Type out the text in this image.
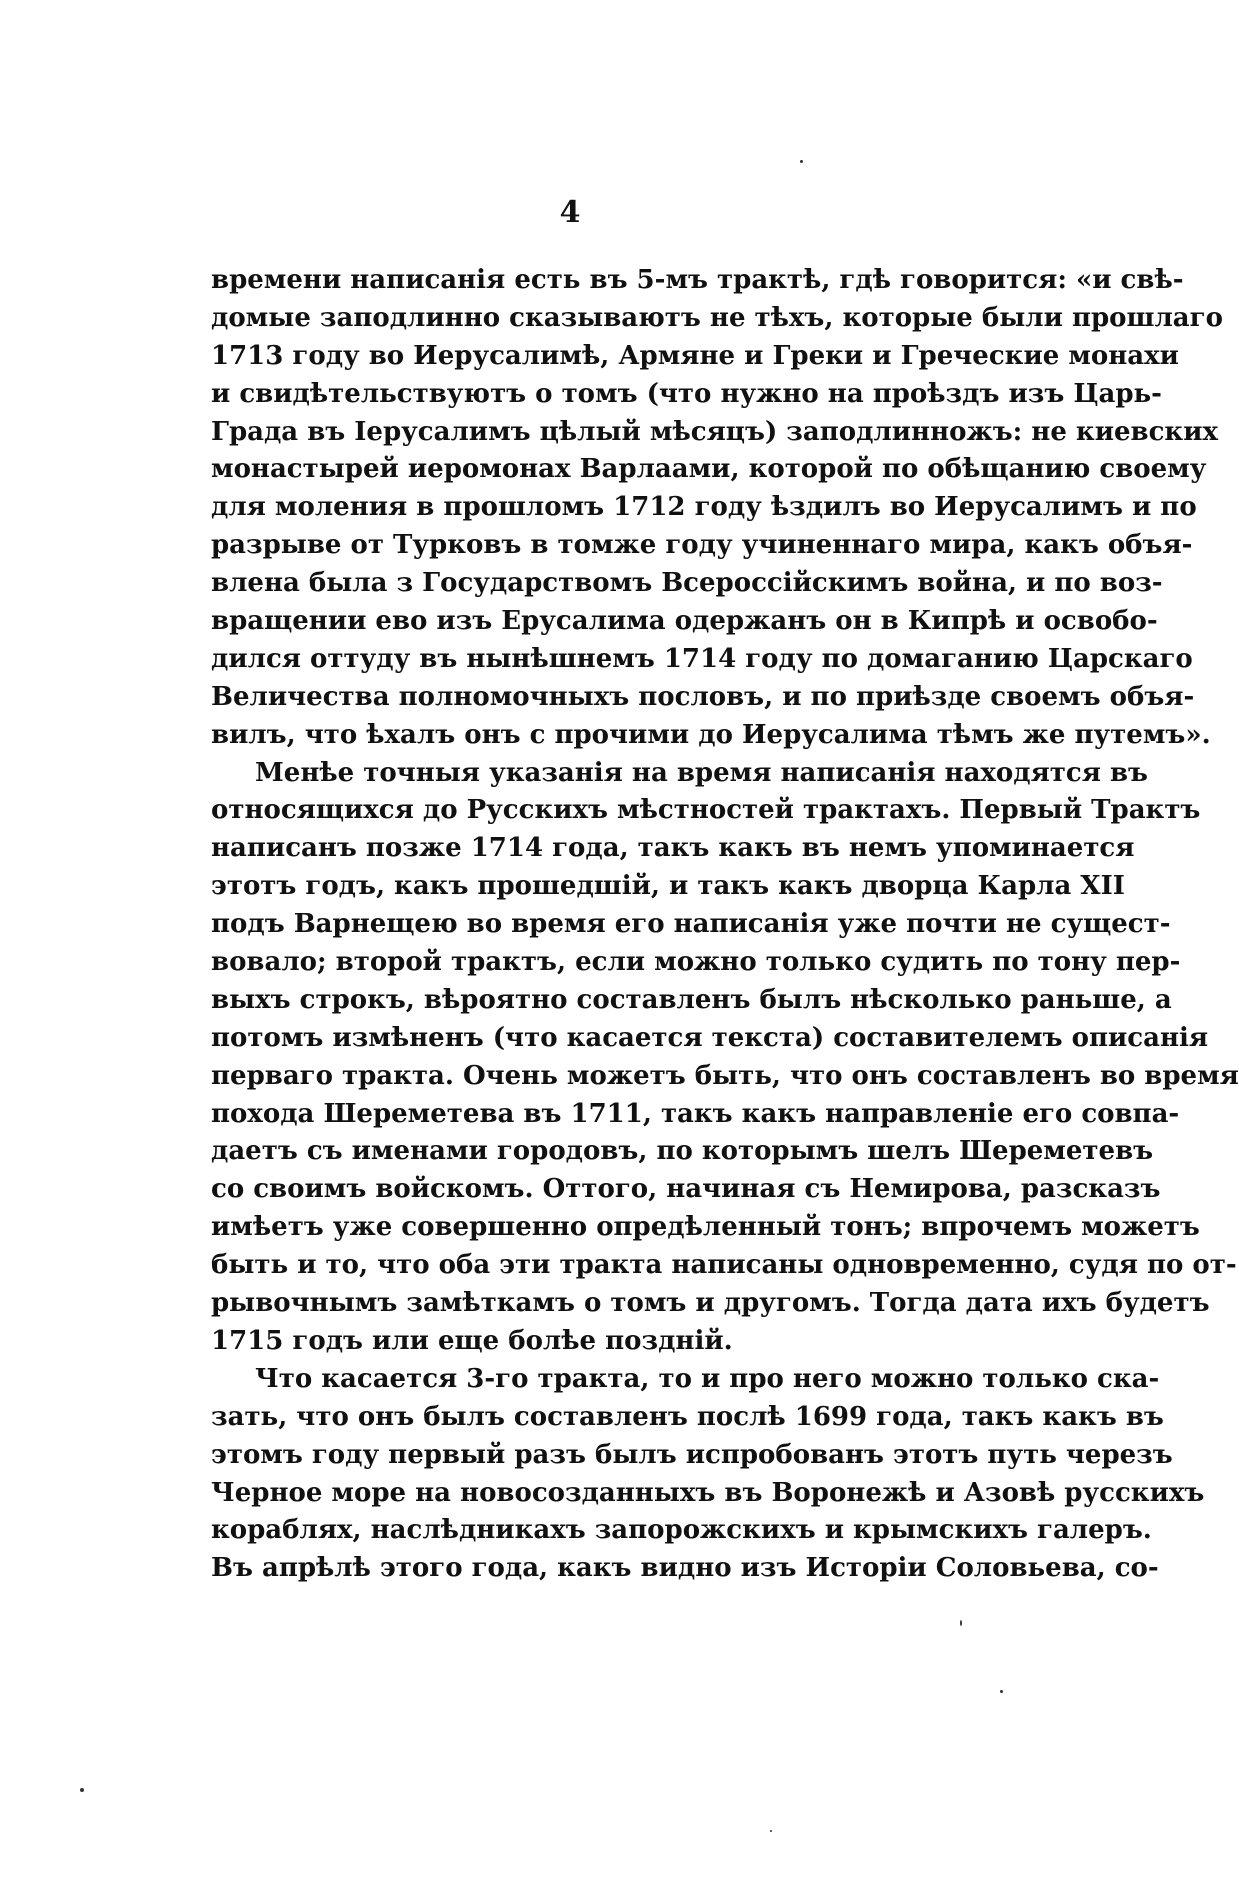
4
времени написанія есть въ 5-мъ трактѣ, гдѣ говорится: «и свѣ-
домые заподлинно сказываютъ не тѣхъ, которые были прошлаго
1713 году во Иерусалимѣ, Армяне и Греки и Греческие монахи
и свидѣтельствуютъ о томъ (что нужно на проѣздъ изъ Царь-
Града въ Іерусалимъ цѣлый мѣсяцъ) заподлинножъ: не киевских
монастырей иеромонах Варлаами, которой по обѣщанию своему
для моления в прошломъ 1712 году ѣздилъ во Иерусалимъ и по
разрыве от Турковъ в томже году учиненнаго мира, какъ объя-
влена была з Государствомъ Всероссійскимъ война, и по воз-
вращении ево изъ Ерусалима одержанъ он в Кипрѣ и освобо-
дился оттуду въ нынѣшнемъ 1714 году по домаганию Царскаго
Величества полномочныхъ пословъ, и по приѣзде своемъ объя-
вилъ, что ѣхалъ онъ с прочими до Иерусалима тѣмъ же путемъ».
Менѣе точныя указанія на время написанія находятся въ
относящихся до Русскихъ мѣстностей трактахъ. Первый Трактъ
написанъ позже 1714 года, такъ какъ въ немъ упоминается
этотъ годъ, какъ прошедшій, и такъ какъ дворца Карла XII
подъ Варнещею во время его написанія уже почти не сущест-
вовало; второй трактъ, если можно только судить по тону пер-
выхъ строкъ, вѣроятно составленъ былъ нѣсколько раньше, а
потомъ измѣненъ (что касается текста) составителемъ описанія
перваго тракта. Очень можетъ быть, что онъ составленъ во время
похода Шереметева въ 1711, такъ какъ направленіе его совпа-
даетъ съ именами городовъ, по которымъ шелъ Шереметевъ
со своимъ войскомъ. Оттого, начиная съ Немирова, разсказъ
имѣетъ уже совершенно опредѣленный тонъ; впрочемъ можетъ
быть и то, что оба эти тракта написаны одновременно, судя по от-
рывочнымъ замѣткамъ о томъ и другомъ. Тогда дата ихъ будетъ
1715 годъ или еще болѣе поздній.
Что касается 3-го тракта, то и про него можно только ска-
зать, что онъ былъ составленъ послѣ 1699 года, такъ какъ въ
этомъ году первый разъ былъ испробованъ этотъ путь черезъ
Черное море на новосозданныхъ въ Воронежѣ и Азовѣ русскихъ
кораблях, наслѣдникахъ запорожскихъ и крымскихъ галеръ.
Въ апрѣлѣ этого года, какъ видно изъ Исторіи Соловьева, со-
